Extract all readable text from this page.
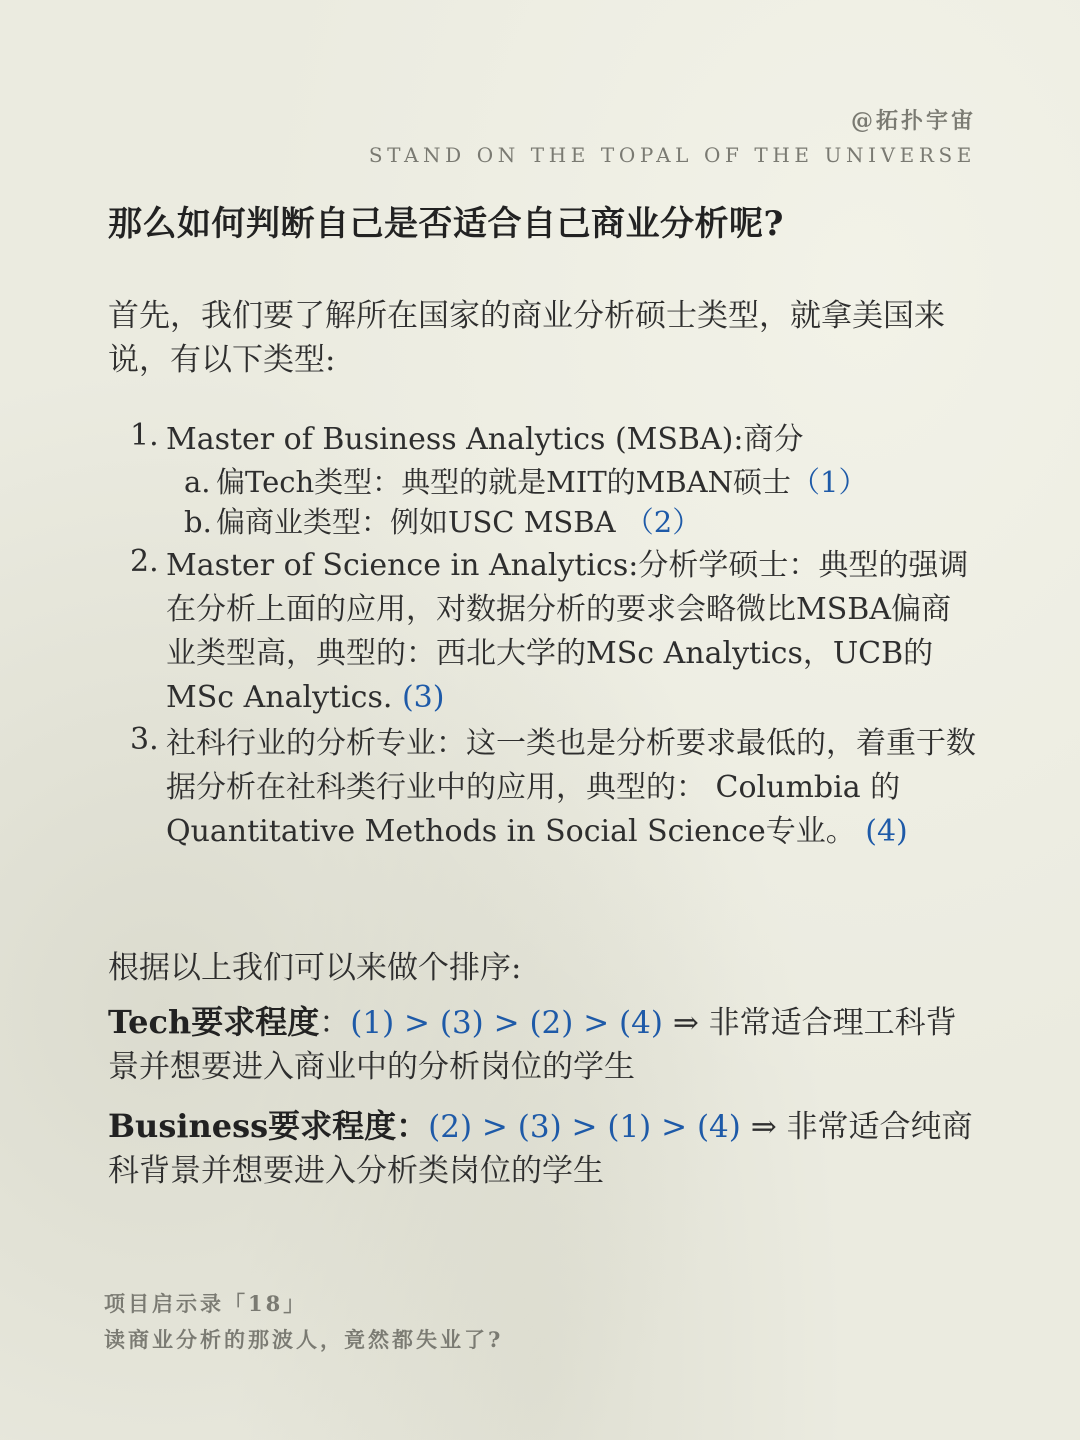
@拓扑宇宙
STAND ON THE TOPAL OF THE UNIVERSE
那么如何判断自己是否适合自己商业分析呢?
首先，我们要了解所在国家的商业分析硕士类型，就拿美国来说，有以下类型:
1. Master of Business Analytics (MSBA):商分
a. 偏Tech类型：典型的就是MIT的MBAN硕士（1）
b. 偏商业类型：例如USC MSBA （2）
2. Master of Science in Analytics:分析学硕士：典型的强调在分析上面的应用，对数据分析的要求会略微比MSBA偏商业类型高，典型的：西北大学的MSc Analytics，UCB的MSc Analytics. (3)
3. 社科行业的分析专业：这一类也是分析要求最低的，着重于数据分析在社科类行业中的应用，典型的： Columbia 的 Quantitative Methods in Social Science专业。 (4)
根据以上我们可以来做个排序:
Tech要求程度：(1) > (3) > (2) > (4) ⇒ 非常适合理工科背景并想要进入商业中的分析岗位的学生
Business要求程度：(2) > (3) > (1) > (4) ⇒ 非常适合纯商科背景并想要进入分析类岗位的学生
项目启示录「18」
读商业分析的那波人，竟然都失业了?
